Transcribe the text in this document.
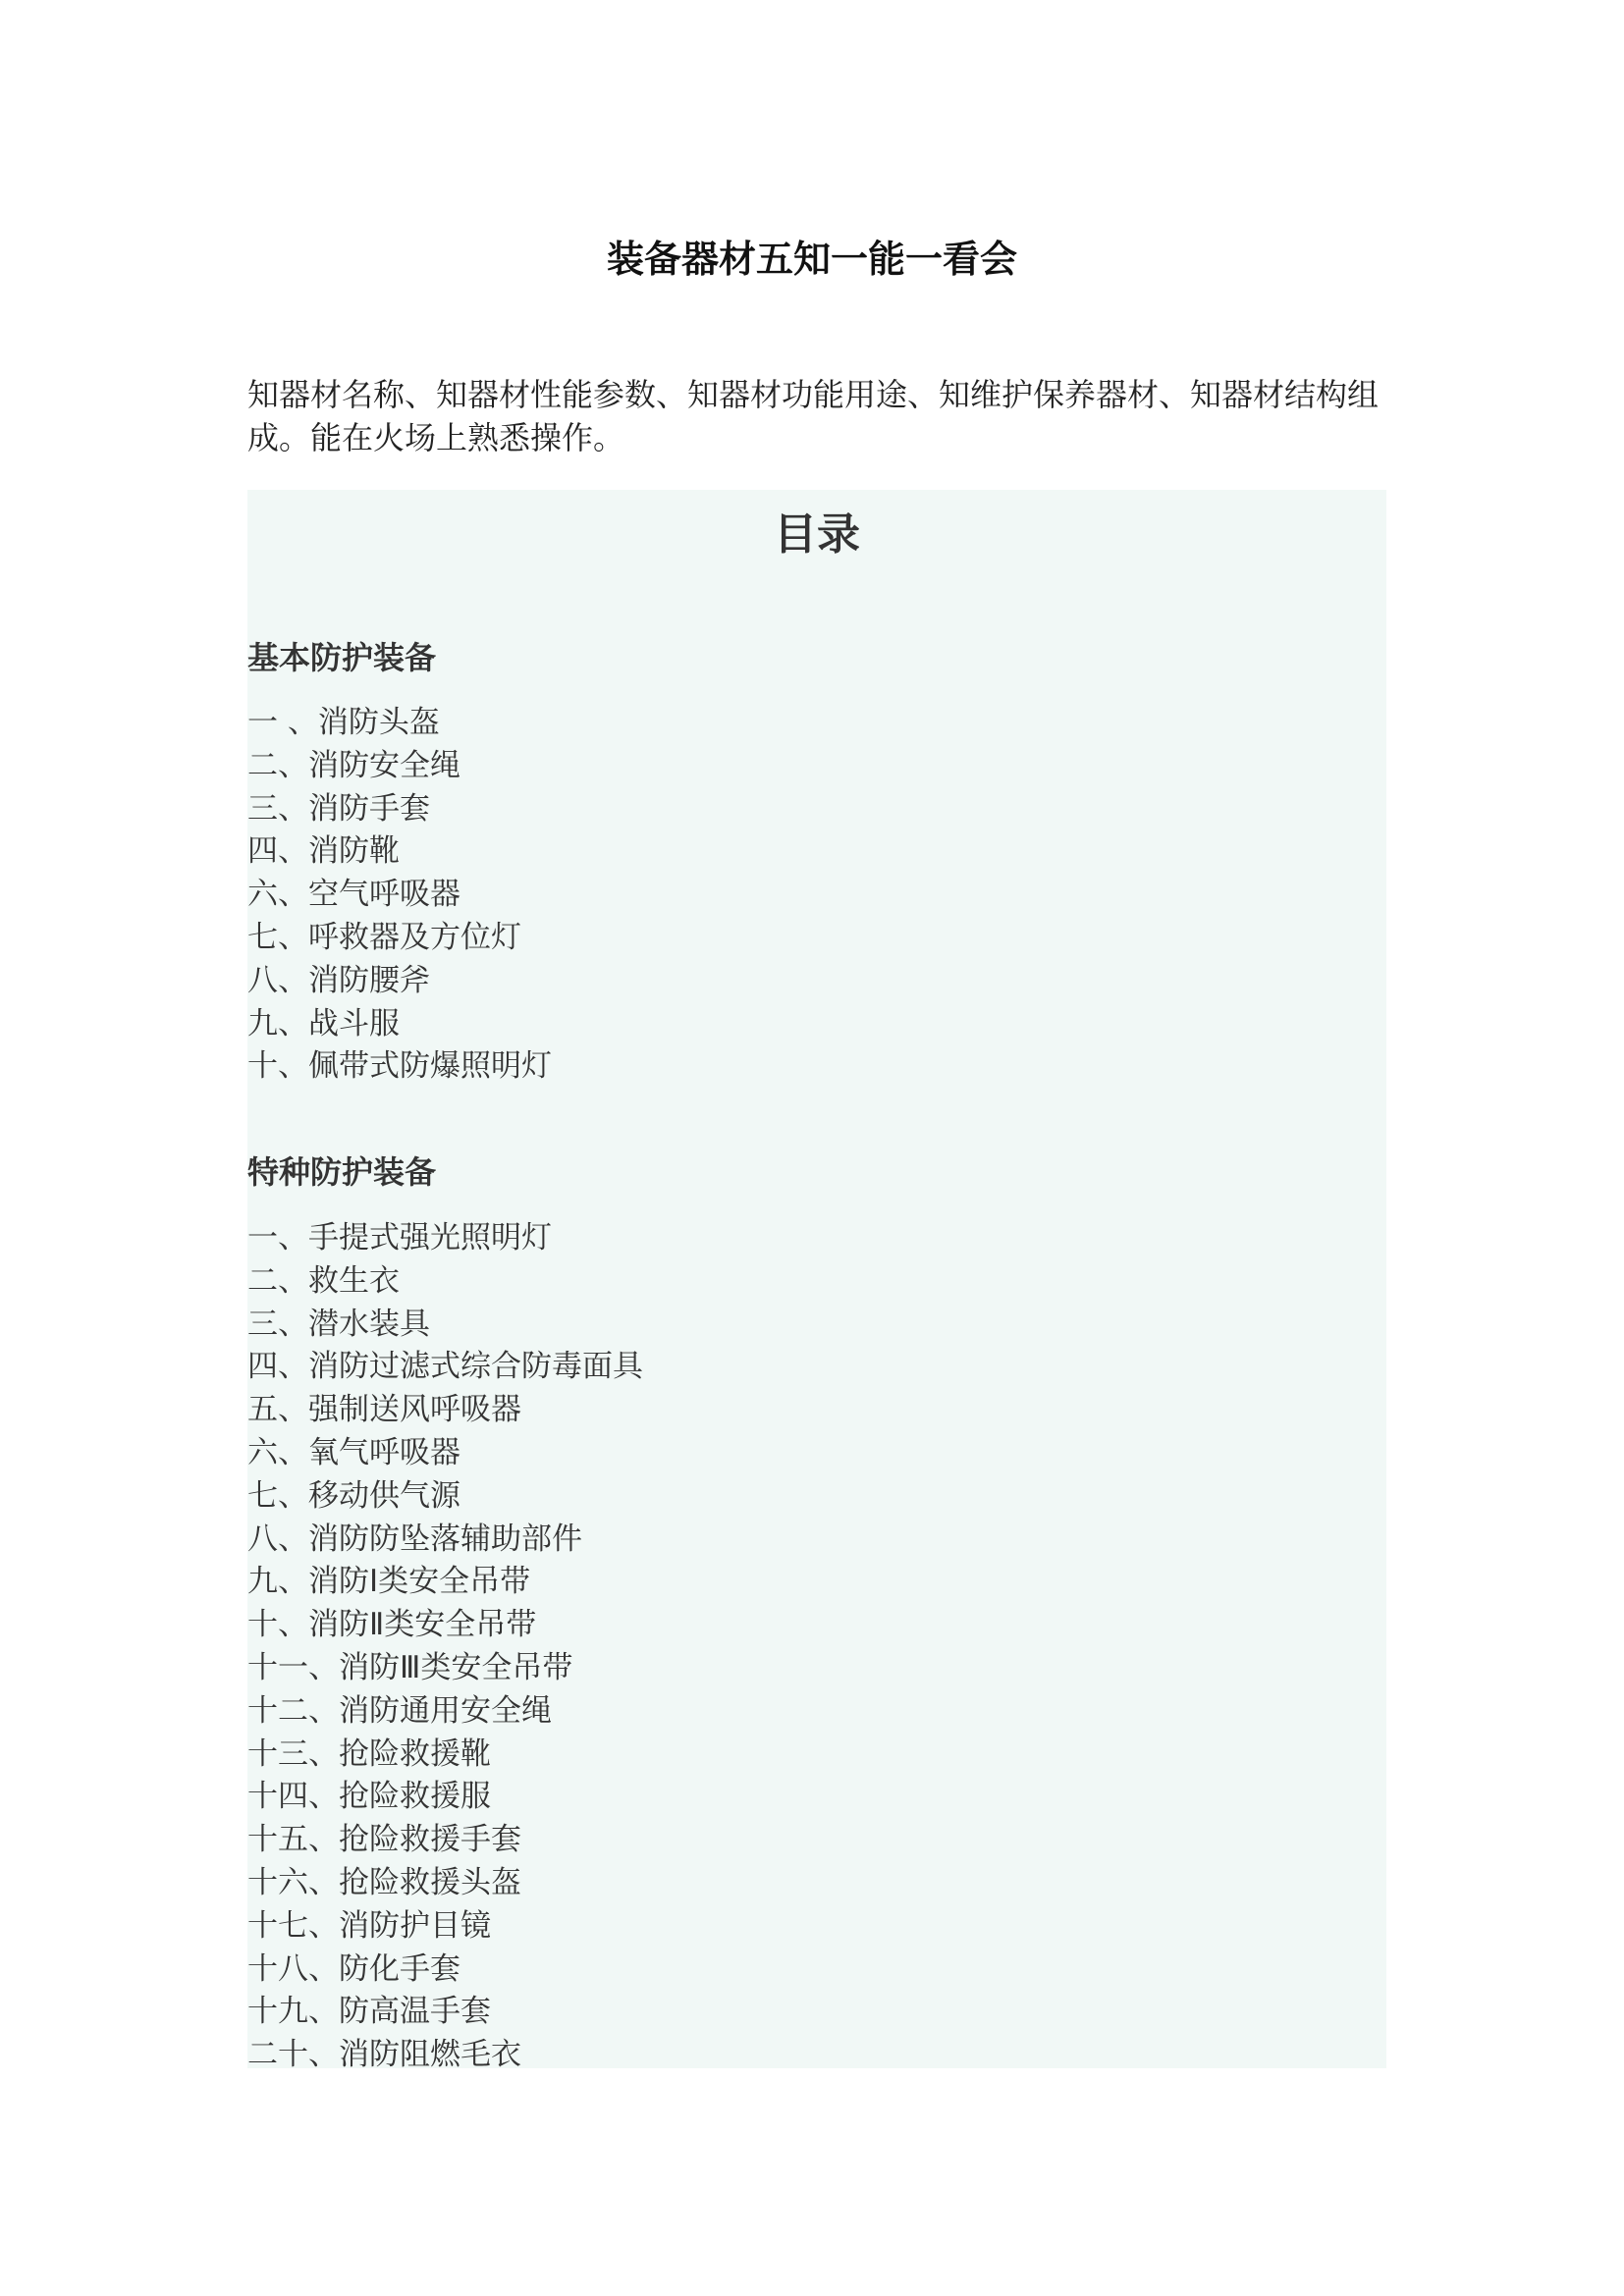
装备器材五知一能一看会
知器材名称、知器材性能参数、知器材功能用途、知维护保养器材、知器材结构组成。能在火场上熟悉操作。
目录
基本防护装备
一 、消防头盔
二、消防安全绳
三、消防手套
四、消防靴
六、空气呼吸器
七、呼救器及方位灯
八、消防腰斧
九、战斗服
十、佩带式防爆照明灯
特种防护装备
一、手提式强光照明灯
二、救生衣
三、潜水装具
四、消防过滤式综合防毒面具
五、强制送风呼吸器
六、氧气呼吸器
七、移动供气源
八、消防防坠落辅助部件
九、消防Ⅰ类安全吊带
十、消防Ⅱ类安全吊带
十一、消防Ⅲ类安全吊带
十二、消防通用安全绳
十三、抢险救援靴
十四、抢险救援服
十五、抢险救援手套
十六、抢险救援头盔
十七、消防护目镜
十八、防化手套
十九、防高温手套
二十、消防阻燃毛衣
